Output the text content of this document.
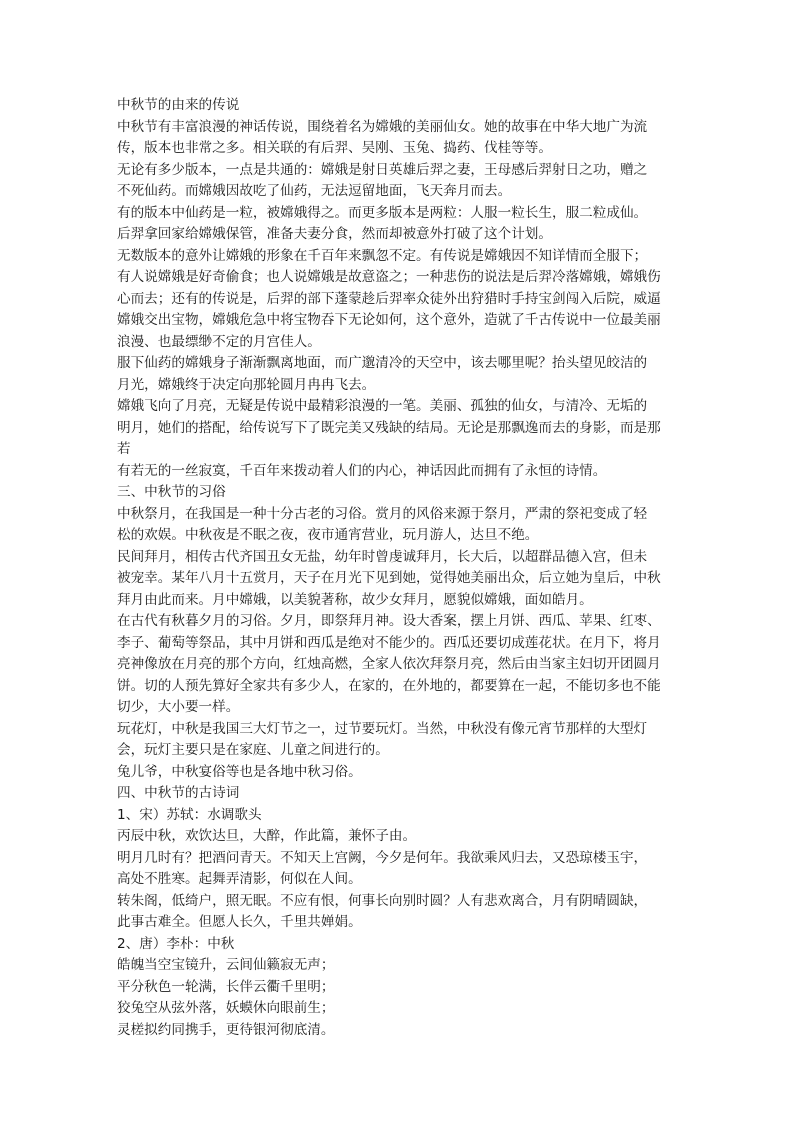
中秋节的由来的传说
中秋节有丰富浪漫的神话传说，围绕着名为嫦娥的美丽仙女。她的故事在中华大地广为流
传，版本也非常之多。相关联的有后羿、吴刚、玉兔、捣药、伐桂等等。
无论有多少版本，一点是共通的：嫦娥是射日英雄后羿之妻，王母感后羿射日之功，赠之
不死仙药。而嫦娥因故吃了仙药，无法逗留地面，飞天奔月而去。
有的版本中仙药是一粒，被嫦娥得之。而更多版本是两粒：人服一粒长生，服二粒成仙。
后羿拿回家给嫦娥保管，准备夫妻分食，然而却被意外打破了这个计划。
无数版本的意外让嫦娥的形象在千百年来飘忽不定。有传说是嫦娥因不知详情而全服下；
有人说嫦娥是好奇偷食；也人说嫦娥是故意盗之；一种悲伤的说法是后羿冷落嫦娥，嫦娥伤
心而去；还有的传说是，后羿的部下蓬蒙趁后羿率众徒外出狩猎时手持宝剑闯入后院，威逼
嫦娥交出宝物，嫦娥危急中将宝物吞下无论如何，这个意外，造就了千古传说中一位最美丽
浪漫、也最缥缈不定的月宫佳人。
服下仙药的嫦娥身子渐渐飘离地面，而广邈清冷的天空中，该去哪里呢？抬头望见皎洁的
月光，嫦娥终于决定向那轮圆月冉冉飞去。
嫦娥飞向了月亮，无疑是传说中最精彩浪漫的一笔。美丽、孤独的仙女，与清冷、无垢的
明月，她们的搭配，给传说写下了既完美又残缺的结局。无论是那飘逸而去的身影，而是那
若
有若无的一丝寂寞，千百年来拨动着人们的内心，神话因此而拥有了永恒的诗情。
三、中秋节的习俗
中秋祭月，在我国是一种十分古老的习俗。赏月的风俗来源于祭月，严肃的祭祀变成了轻
松的欢娱。中秋夜是不眠之夜，夜市通宵营业，玩月游人，达旦不绝。
民间拜月，相传古代齐国丑女无盐，幼年时曾虔诚拜月，长大后，以超群品德入宫，但未
被宠幸。某年八月十五赏月，天子在月光下见到她，觉得她美丽出众，后立她为皇后，中秋
拜月由此而来。月中嫦娥，以美貌著称，故少女拜月，愿貌似嫦娥，面如皓月。
在古代有秋暮夕月的习俗。夕月，即祭拜月神。设大香案，摆上月饼、西瓜、苹果、红枣、
李子、葡萄等祭品，其中月饼和西瓜是绝对不能少的。西瓜还要切成莲花状。在月下，将月
亮神像放在月亮的那个方向，红烛高燃，全家人依次拜祭月亮，然后由当家主妇切开团圆月
饼。切的人预先算好全家共有多少人，在家的，在外地的，都要算在一起，不能切多也不能
切少，大小要一样。
玩花灯，中秋是我国三大灯节之一，过节要玩灯。当然，中秋没有像元宵节那样的大型灯
会，玩灯主要只是在家庭、儿童之间进行的。
兔儿爷，中秋宴俗等也是各地中秋习俗。
四、中秋节的古诗词
1、宋）苏轼：水调歌头
丙辰中秋，欢饮达旦，大醉，作此篇，兼怀子由。
明月几时有？把酒问青天。不知天上宫阙，今夕是何年。我欲乘风归去，又恐琼楼玉宇，
高处不胜寒。起舞弄清影，何似在人间。
转朱阁，低绮户，照无眠。不应有恨，何事长向别时圆？人有悲欢离合，月有阴晴圆缺，
此事古难全。但愿人长久，千里共婵娟。
2、唐）李朴：中秋
皓魄当空宝镜升，云间仙籁寂无声；
平分秋色一轮满，长伴云衢千里明；
狡兔空从弦外落，妖蟆休向眼前生；
灵槎拟约同携手，更待银河彻底清。
